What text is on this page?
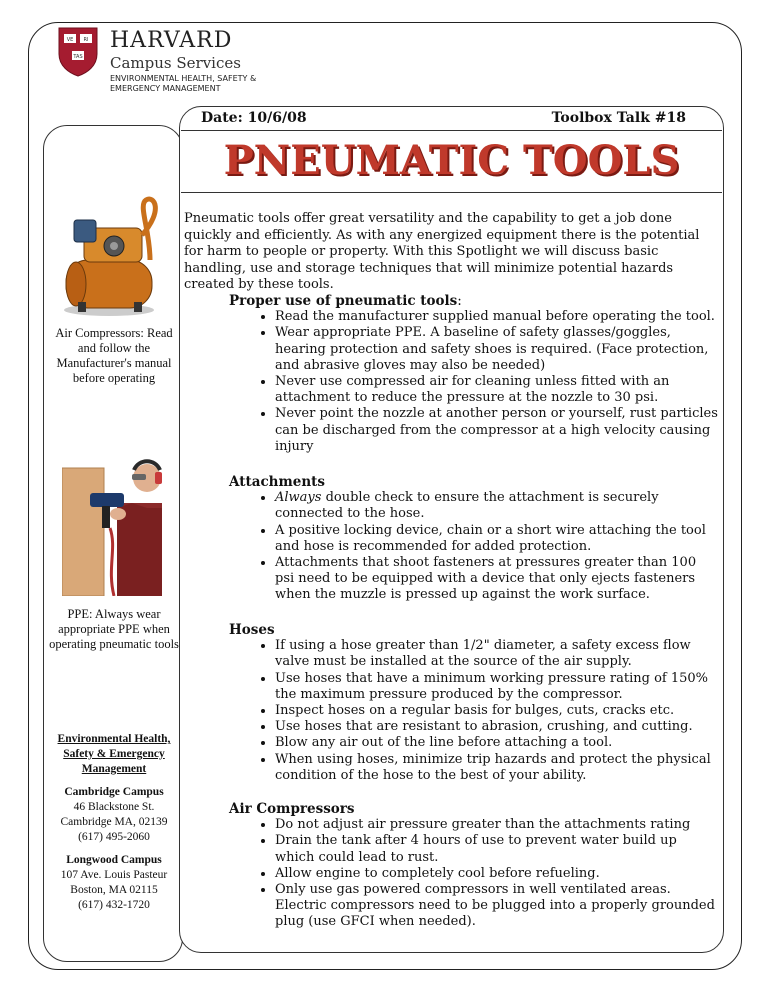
VE RI
TAS
HARVARD
Campus Services
ENVIRONMENTAL HEALTH, SAFETY &
EMERGENCY MANAGEMENT
Air Compressors: Read and follow the Manufacturer's manual before operating
PPE: Always wear appropriate PPE when operating pneumatic tools
Environmental Health, Safety & Emergency Management
Cambridge Campus
46 Blackstone St.
Cambridge MA, 02139
(617) 495-2060
Longwood Campus
107 Ave. Louis Pasteur
Boston, MA 02115
(617) 432-1720
Date: 10/6/08	Toolbox Talk #18
PNEUMATIC TOOLS
Pneumatic tools offer great versatility and the capability to get a job done quickly and efficiently. As with any energized equipment there is the potential for harm to people or property. With this Spotlight we will discuss basic handling, use and storage techniques that will minimize potential hazards created by these tools.
Proper use of pneumatic tools:
• Read the manufacturer supplied manual before operating the tool.
• Wear appropriate PPE. A baseline of safety glasses/goggles, hearing protection and safety shoes is required. (Face protection, and abrasive gloves may also be needed)
• Never use compressed air for cleaning unless fitted with an attachment to reduce the pressure at the nozzle to 30 psi.
• Never point the nozzle at another person or yourself, rust particles can be discharged from the compressor at a high velocity causing injury
Attachments
• Always double check to ensure the attachment is securely connected to the hose.
• A positive locking device, chain or a short wire attaching the tool and hose is recommended for added protection.
• Attachments that shoot fasteners at pressures greater than 100 psi need to be equipped with a device that only ejects fasteners when the muzzle is pressed up against the work surface.
Hoses
• If using a hose greater than 1/2" diameter, a safety excess flow valve must be installed at the source of the air supply.
• Use hoses that have a minimum working pressure rating of 150% the maximum pressure produced by the compressor.
• Inspect hoses on a regular basis for bulges, cuts, cracks etc.
• Use hoses that are resistant to abrasion, crushing, and cutting.
• Blow any air out of the line before attaching a tool.
• When using hoses, minimize trip hazards and protect the physical condition of the hose to the best of your ability.
Air Compressors
• Do not adjust air pressure greater than the attachments rating
• Drain the tank after 4 hours of use to prevent water build up which could lead to rust.
• Allow engine to completely cool before refueling.
• Only use gas powered compressors in well ventilated areas. Electric compressors need to be plugged into a properly grounded plug (use GFCI when needed).
